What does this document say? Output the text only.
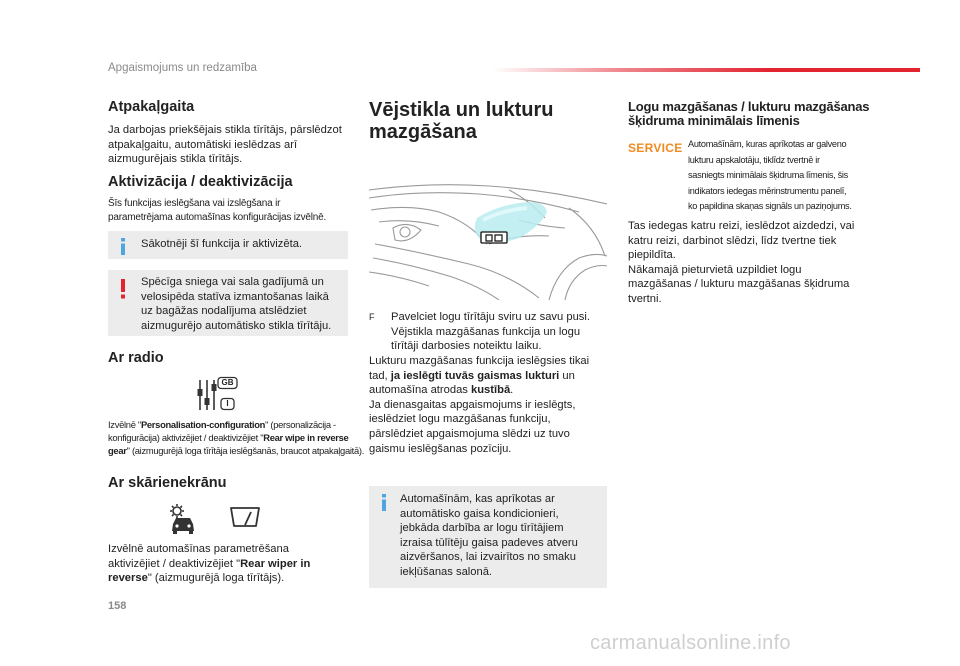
Apgaismojums un redzamība
Atpakaļgaita
Ja darbojas priekšējais stikla tīrītājs, pārslēdzot
atpakaļgaitu, automātiski ieslēdzas arī
aizmugurējais stikla tīrītājs.
Aktivizācija / deaktivizācija
Šīs funkcijas ieslēgšana vai izslēgšana ir
parametrējama automašīnas konfigurācijas izvēlnē.
Sākotnēji šī funkcija ir aktivizēta.
Spēcīga sniega vai sala gadījumā un
velosipēda statīva izmantošanas laikā
uz bagāžas nodalījuma atslēdziet
aizmugurējo automātisko stikla tīrītāju.
Ar radio
GB
I
Izvēlnē "Personalisation-configuration" (personalizācija -
konfigurācija) aktivizējiet / deaktivizējiet "Rear wipe in reverse
gear" (aizmugurējā loga tīrītāja ieslēgšanās, braucot atpakaļgaitā).
Ar skārienekrānu
Izvēlnē automašīnas parametrēšana
aktivizējiet / deaktivizējiet "Rear wiper in
reverse" (aizmugurējā loga tīrītājs).
158
Vējstikla un lukturu
mazgāšana
F Pavelciet logu tīrītāju sviru uz savu pusi.
Vējstikla mazgāšanas funkcija un logu
tīrītāji darbosies noteiktu laiku.
Lukturu mazgāšanas funkcija ieslēgsies tikai
tad, ja ieslēgti tuvās gaismas lukturi un
automašīna atrodas kustībā.
Ja dienasgaitas apgaismojums ir ieslēgts,
ieslēdziet logu mazgāšanas funkciju,
pārslēdziet apgaismojuma slēdzi uz tuvo
gaismu ieslēgšanas pozīciju.
Automašīnām, kas aprīkotas ar
automātisko gaisa kondicionieri,
jebkāda darbība ar logu tīrītājiem
izraisa tūlītēju gaisa padeves atveru
aizvēršanos, lai izvairītos no smaku
iekļūšanas salonā.
Logu mazgāšanas / lukturu mazgāšanas
šķidruma minimālais līmenis
SERVICE Automašīnām, kuras aprīkotas ar galveno
lukturu apskalotāju, tiklīdz tvertnē ir
sasniegts minimālais šķidruma līmenis, šis
indikators iedegas mērinstrumentu panelī,
ko papildina skaņas signāls un paziņojums.
Tas iedegas katru reizi, ieslēdzot aizdedzi, vai
katru reizi, darbinot slēdzi, līdz tvertne tiek
piepildīta.
Nākamajā pieturvietā uzpildiet logu
mazgāšanas / lukturu mazgāšanas šķidruma
tvertni.
carmanualsonline.info
